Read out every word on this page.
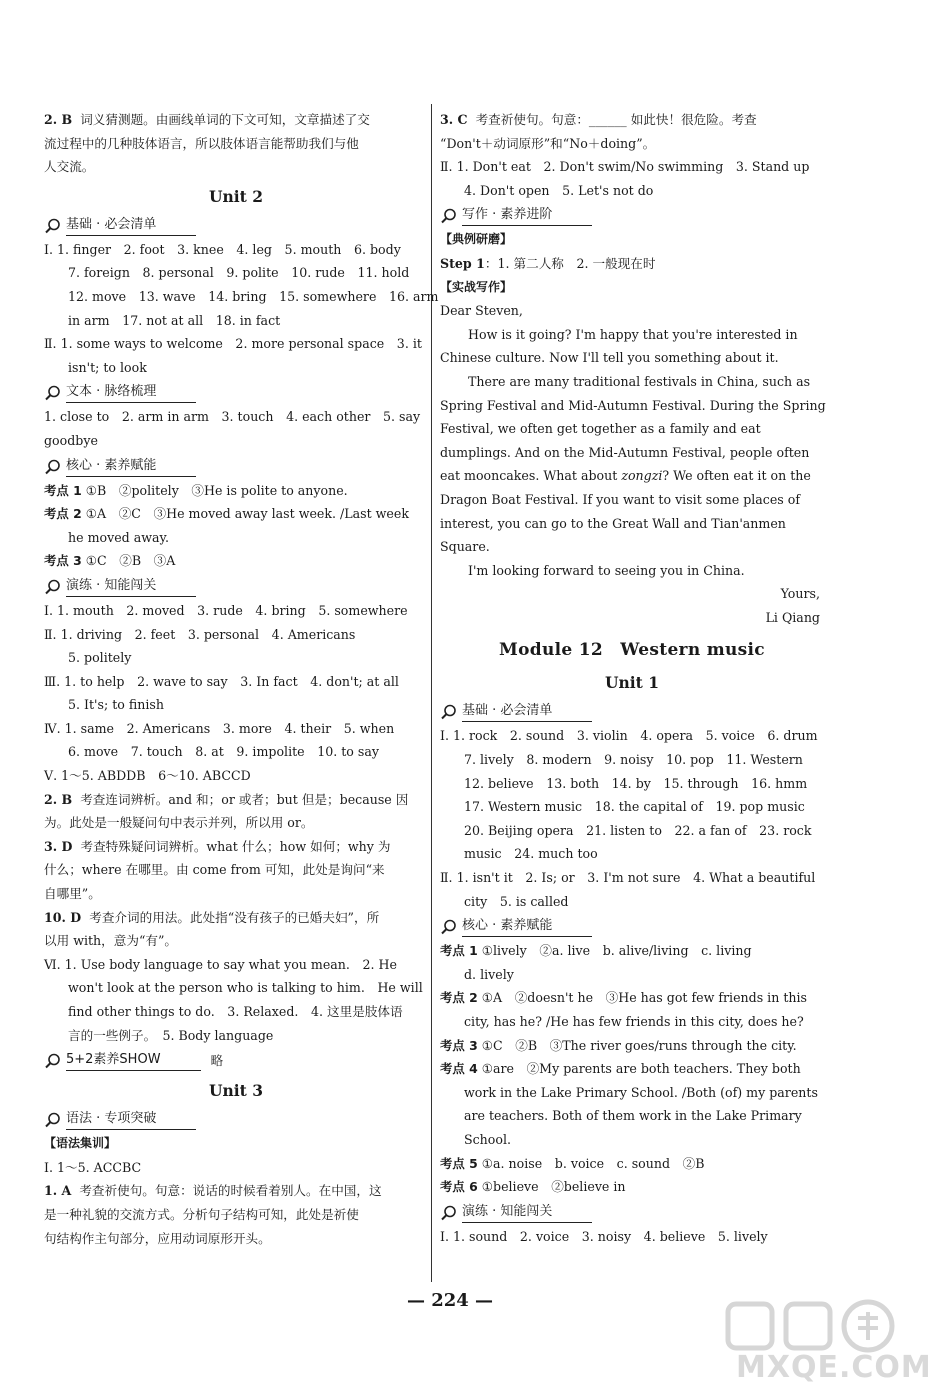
2. B 词义猜测题。由画线单词的下文可知，文章描述了交
流过程中的几种肢体语言，所以肢体语言能帮助我们与他
人交流。
Unit 2
基础 · 必会清单
Ⅰ. 1. finger　2. foot　3. knee　4. leg　5. mouth　6. body
7. foreign　8. personal　9. polite　10. rude　11. hold
12. move　13. wave　14. bring　15. somewhere　16. arm
in arm　17. not at all　18. in fact
Ⅱ. 1. some ways to welcome　2. more personal space　3. it
isn't; to look
文本 · 脉络梳理
1. close to　2. arm in arm　3. touch　4. each other　5. say
goodbye
核心 · 素养赋能
考点 1 ①B　②politely　③He is polite to anyone.
考点 2 ①A　②C　③He moved away last week. /Last week
he moved away.
考点 3 ①C　②B　③A
演练 · 知能闯关
Ⅰ. 1. mouth　2. moved　3. rude　4. bring　5. somewhere
Ⅱ. 1. driving　2. feet　3. personal　4. Americans
5. politely
Ⅲ. 1. to help　2. wave to say　3. In fact　4. don't; at all
5. It's; to finish
Ⅳ. 1. same　2. Americans　3. more　4. their　5. when
6. move　7. touch　8. at　9. impolite　10. to say
Ⅴ. 1～5. ABDDB　6～10. ABCCD
2. B 考查连词辨析。and 和；or 或者；but 但是；because 因
为。此处是一般疑问句中表示并列，所以用 or。
3. D 考查特殊疑问词辨析。what 什么；how 如何；why 为
什么；where 在哪里。由 come from 可知，此处是询问“来
自哪里”。
10. D 考查介词的用法。此处指“没有孩子的已婚夫妇”，所
以用 with，意为“有”。
Ⅵ. 1. Use body language to say what you mean.　2. He
won't look at the person who is talking to him.　He will
find other things to do.　3. Relaxed.　4. 这里是肢体语
言的一些例子。　5. Body language
5+2素养SHOW	略
Unit 3
语法 · 专项突破
【语法集训】
Ⅰ. 1～5. ACCBC
1. A 考查祈使句。句意：说话的时候看着别人。在中国，这
是一种礼貌的交流方式。分析句子结构可知，此处是祈使
句结构作主句部分，应用动词原形开头。
3. C 考查祈使句。句意：______ 如此快！很危险。考查
“Don't＋动词原形”和“No＋doing”。
Ⅱ. 1. Don't eat　2. Don't swim/No swimming　3. Stand up
4. Don't open　5. Let's not do
写作 · 素养进阶
【典例研磨】
Step 1：1. 第二人称　2. 一般现在时
【实战写作】
Dear Steven,
How is it going? I'm happy that you're interested in
Chinese culture. Now I'll tell you something about it.
There are many traditional festivals in China, such as
Spring Festival and Mid-Autumn Festival. During the Spring
Festival, we often get together as a family and eat
dumplings. And on the Mid-Autumn Festival, people often
eat mooncakes. What about zongzi? We often eat it on the
Dragon Boat Festival. If you want to visit some places of
interest, you can go to the Great Wall and Tian'anmen
Square.
I'm looking forward to seeing you in China.
Yours,
Li Qiang
Module 12　Western music
Unit 1
基础 · 必会清单
Ⅰ. 1. rock　2. sound　3. violin　4. opera　5. voice　6. drum
7. lively　8. modern　9. noisy　10. pop　11. Western
12. believe　13. both　14. by　15. through　16. hmm
17. Western music　18. the capital of　19. pop music
20. Beijing opera　21. listen to　22. a fan of　23. rock
music　24. much too
Ⅱ. 1. isn't it　2. Is; or　3. I'm not sure　4. What a beautiful
city　5. is called
核心 · 素养赋能
考点 1 ①lively　②a. live　b. alive/living　c. living
d. lively
考点 2 ①A　②doesn't he　③He has got few friends in this
city, has he? /He has few friends in this city, does he?
考点 3 ①C　②B　③The river goes/runs through the city.
考点 4 ①are　②My parents are both teachers. They both
work in the Lake Primary School. /Both (of) my parents
are teachers. Both of them work in the Lake Primary
School.
考点 5 ①a. noise　b. voice　c. sound　②B
考点 6 ①believe　②believe in
演练 · 知能闯关
Ⅰ. 1. sound　2. voice　3. noisy　4. believe　5. lively
— 224 —
MXQE.COM
